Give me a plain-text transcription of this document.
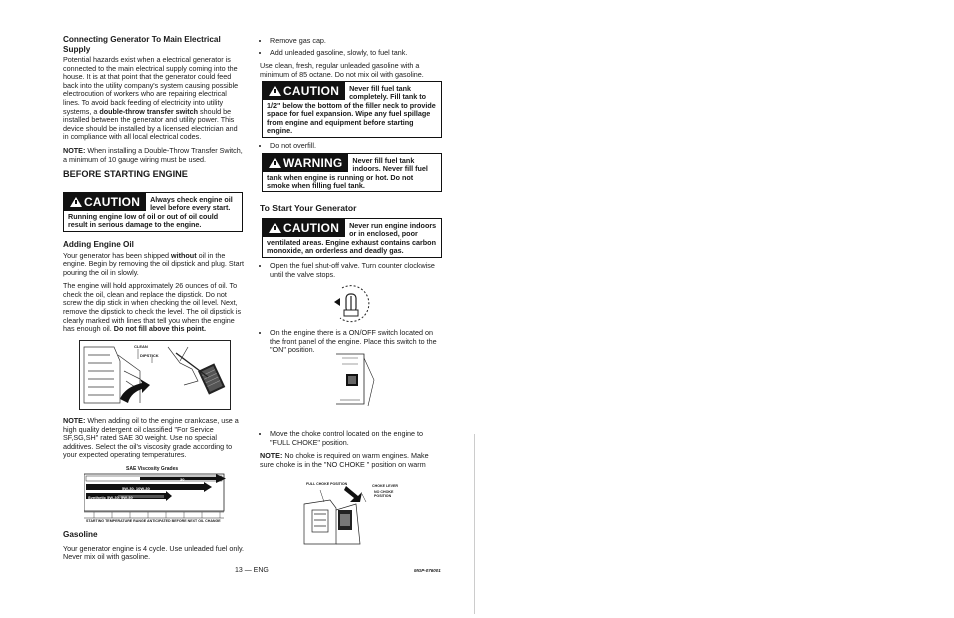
Connecting Generator To Main Electrical Supply

Potential hazards exist when a electrical generator is connected to the main electrical supply coming into the house. It is at that point that the generator could feed back into the utility company's system causing possible electrocution of workers who are repairing electrical lines. To avoid back feeding of electricity into utility systems, a double-throw transfer switch should be installed between the generator and utility power. This device should be installed by a licensed electrician and in compliance with all local electrical codes.

NOTE: When installing a Double-Throw Transfer Switch, a minimum of 10 gauge wiring must be used.

BEFORE STARTING ENGINE
CAUTION	Always check engine oil level before every start. Running engine low of oil or out of oil could result in serious damage to the engine.
Adding Engine Oil

Your generator has been shipped without oil in the engine. Begin by removing the oil dipstick and plug. Start pouring the oil in slowly.

The engine will hold approximately 26 ounces of oil. To check the oil, clean and replace the dipstick. Do not screw the dip stick in when checking the oil level. Next, remove the dipstick to check the level. The oil dipstick is clearly marked with lines that tell you when the engine has enough oil. Do not fill above this point.

CLEAN
DIPSTICK

NOTE: When adding oil to the engine crankcase, use a high quality detergent oil classified "For Service SF,SG,SH" rated SAE 30 weight. Use no special additives. Select the oil's viscosity grade according to your expected operating temperatures.

SAE Viscosity Grades
30
5W-30, 10W-30
Synthetic 5W-30, 5W-30
STARTING TEMPERATURE RANGE ANTICIPATED BEFORE NEXT OIL CHANGE
Gasoline

Your generator engine is 4 cycle. Use unleaded fuel only. Never mix oil with gasoline.

• Remove gas cap.
• Add unleaded gasoline, slowly, to fuel tank.

Use clean, fresh, regular unleaded gasoline with a minimum of 85 octane. Do not mix oil with gasoline.

CAUTION	Never fill fuel tank completely. Fill tank to 1/2" below the bottom of the filler neck to provide space for fuel expansion. Wipe any fuel spillage from engine and equipment before starting engine.
• Do not overfill.
WARNING	Never fill fuel tank indoors. Never fill fuel tank when engine is running or hot. Do not smoke when filling fuel tank.
To Start Your Generator
CAUTION	Never run engine indoors or in enclosed, poor ventilated areas. Engine exhaust contains carbon monoxide, an orderless and deadly gas.
• Open the fuel shut-off valve. Turn counter clockwise until the valve stops.
• On the engine there is a ON/OFF switch located on the front panel of the engine. Place this switch to the "ON" position.
• Move the choke control located on the engine to "FULL CHOKE" position.

NOTE: No choke is required on warm engines. Make sure choke is in the "NO CHOKE " position on warm

FULL CHOKE POSITION	CHOKE LEVER
NO CHOKE POSITION
13 — ENG	MGP-076001
